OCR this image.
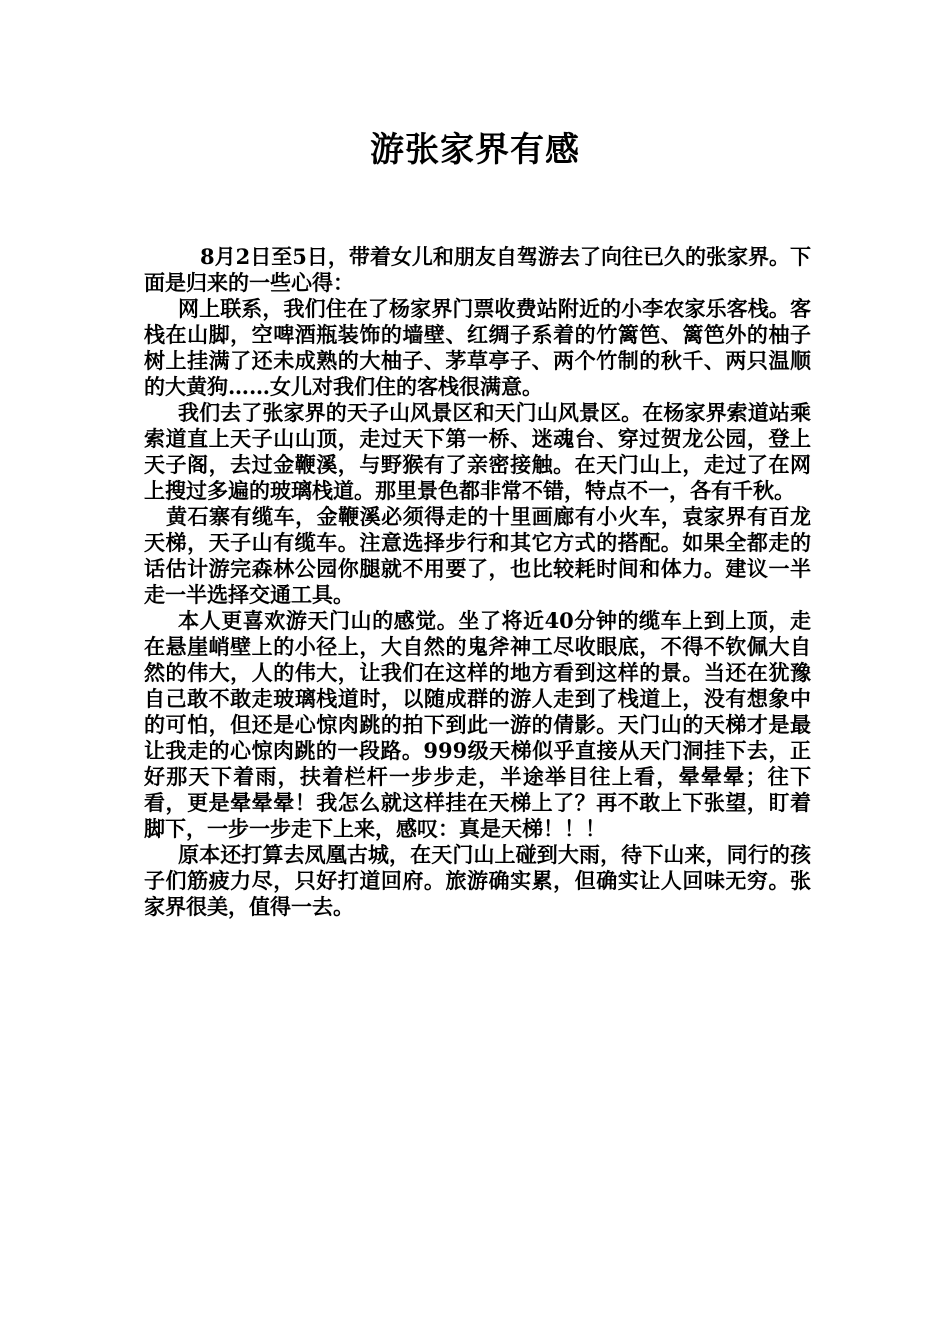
游张家界有感

8月2日至5日，带着女儿和朋友自驾游去了向往已久的张家界。下面是归来的一些心得：

网上联系，我们住在了杨家界门票收费站附近的小李农家乐客栈。客栈在山脚，空啤酒瓶装饰的墙壁、红绸子系着的竹篱笆、篱笆外的柚子树上挂满了还未成熟的大柚子、茅草亭子、两个竹制的秋千、两只温顺的大黄狗……女儿对我们住的客栈很满意。

我们去了张家界的天子山风景区和天门山风景区。在杨家界索道站乘索道直上天子山山顶，走过天下第一桥、迷魂台、穿过贺龙公园，登上天子阁，去过金鞭溪，与野猴有了亲密接触。在天门山上，走过了在网上搜过多遍的玻璃栈道。那里景色都非常不错，特点不一，各有千秋。

黄石寨有缆车，金鞭溪必须得走的十里画廊有小火车，袁家界有百龙天梯，天子山有缆车。注意选择步行和其它方式的搭配。如果全都走的话估计游完森林公园你腿就不用要了，也比较耗时间和体力。建议一半走一半选择交通工具。

本人更喜欢游天门山的感觉。坐了将近40分钟的缆车上到上顶，走在悬崖峭壁上的小径上，大自然的鬼斧神工尽收眼底，不得不钦佩大自然的伟大，人的伟大，让我们在这样的地方看到这样的景。当还在犹豫自己敢不敢走玻璃栈道时，以随成群的游人走到了栈道上，没有想象中的可怕，但还是心惊肉跳的拍下到此一游的倩影。天门山的天梯才是最让我走的心惊肉跳的一段路。999级天梯似乎直接从天门洞挂下去，正好那天下着雨，扶着栏杆一步步走，半途举目往上看，晕晕晕；往下看，更是晕晕晕！我怎么就这样挂在天梯上了？再不敢上下张望，盯着脚下，一步一步走下上来，感叹：真是天梯！！！

原本还打算去凤凰古城，在天门山上碰到大雨，待下山来，同行的孩子们筋疲力尽，只好打道回府。旅游确实累，但确实让人回味无穷。张家界很美，值得一去。
